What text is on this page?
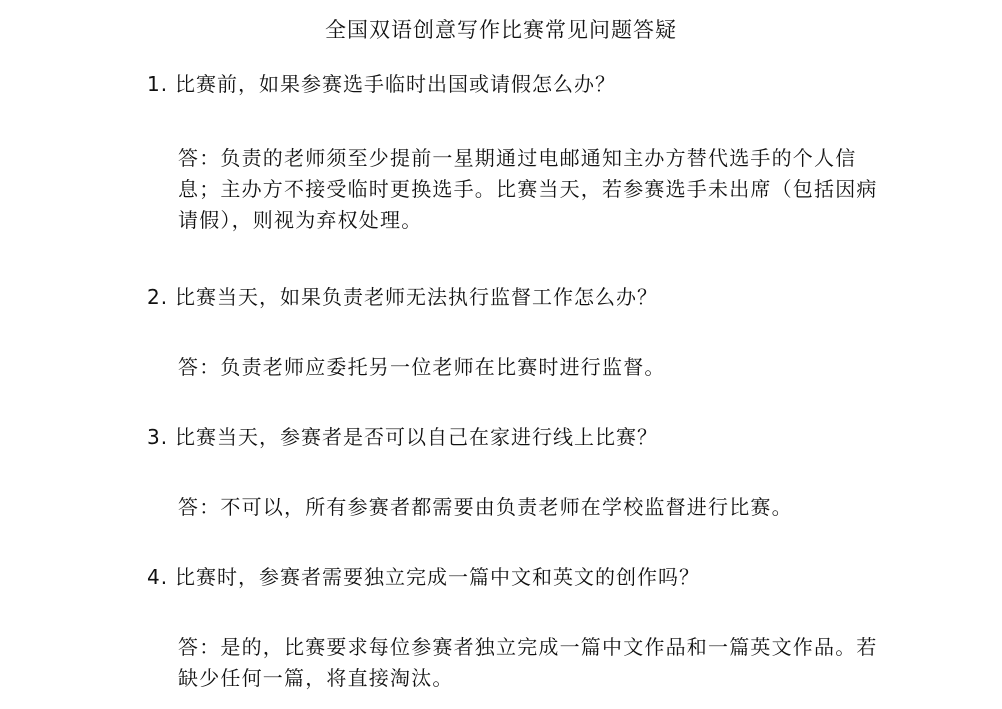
全国双语创意写作比赛常见问题答疑

1. 比赛前，如果参赛选手临时出国或请假怎么办？

答：负责的老师须至少提前一星期通过电邮通知主办方替代选手的个人信息；主办方不接受临时更换选手。比赛当天，若参赛选手未出席（包括因病请假），则视为弃权处理。

2. 比赛当天，如果负责老师无法执行监督工作怎么办？

答：负责老师应委托另一位老师在比赛时进行监督。

3. 比赛当天，参赛者是否可以自己在家进行线上比赛？

答：不可以，所有参赛者都需要由负责老师在学校监督进行比赛。

4. 比赛时，参赛者需要独立完成一篇中文和英文的创作吗？

答：是的，比赛要求每位参赛者独立完成一篇中文作品和一篇英文作品。若缺少任何一篇，将直接淘汰。
